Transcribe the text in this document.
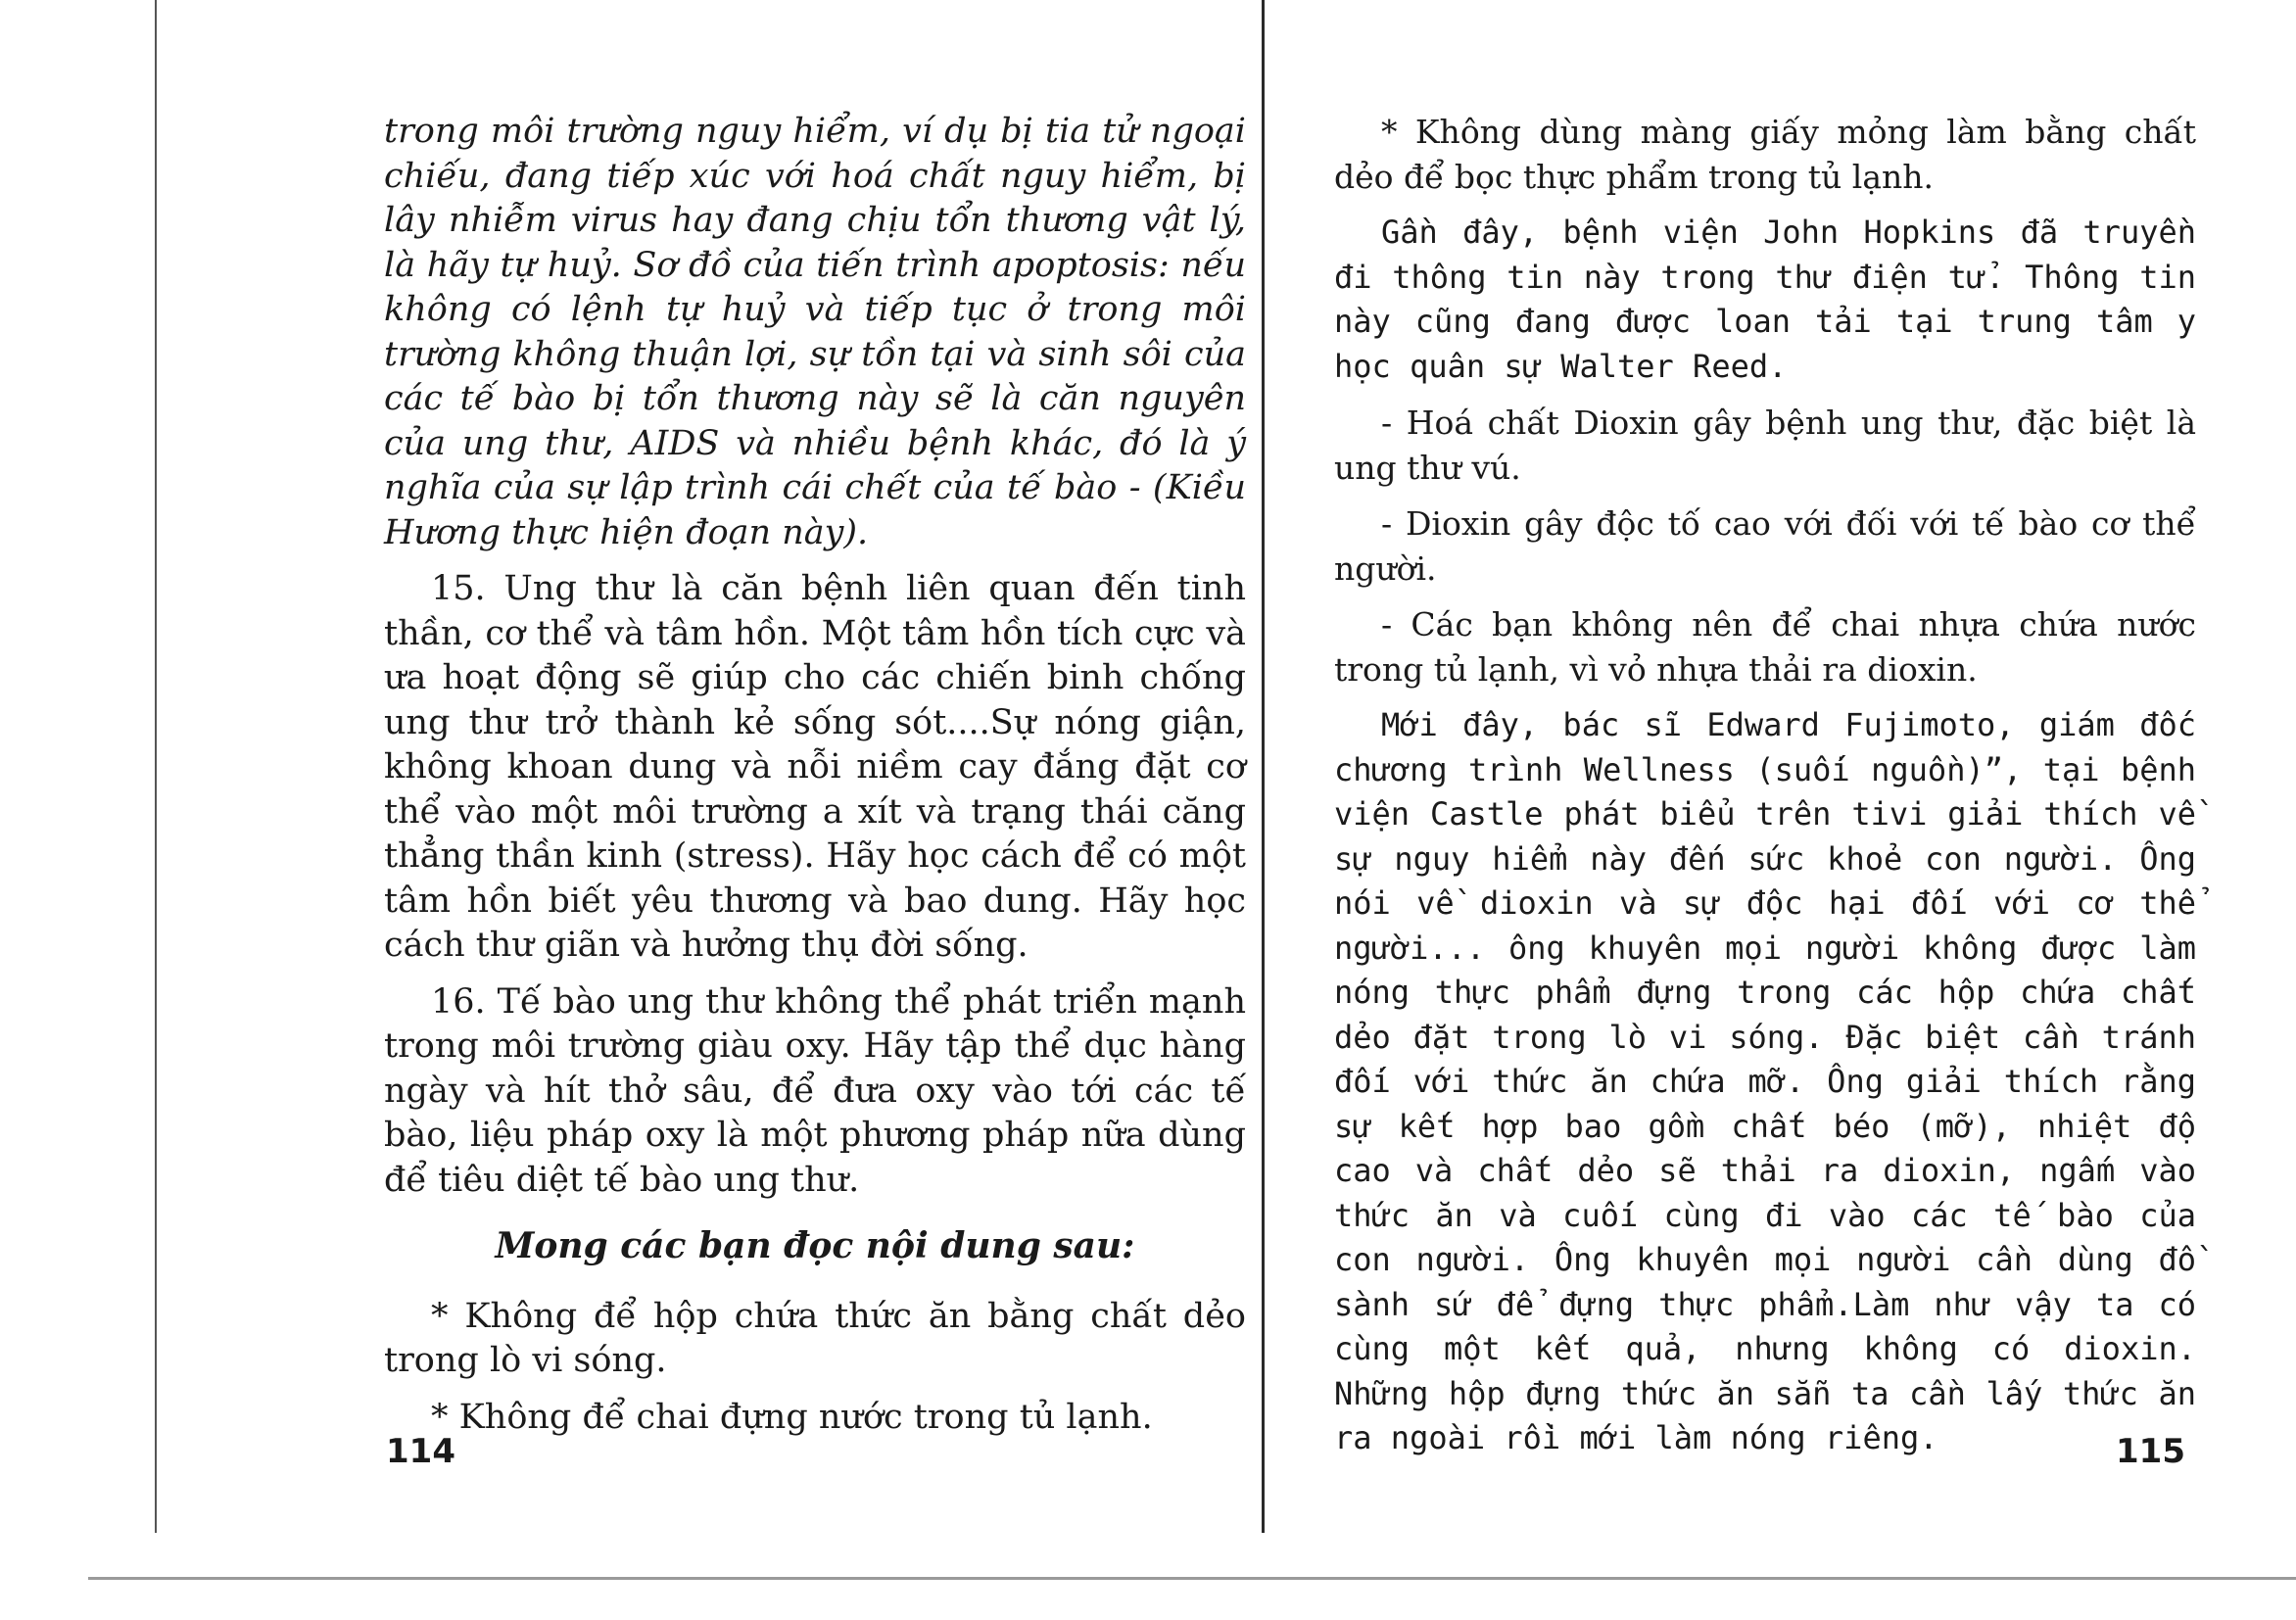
trong môi trường nguy hiểm, ví dụ bị tia tử ngoại chiếu, đang tiếp xúc với hoá chất nguy hiểm, bị lây nhiễm virus hay đang chịu tổn thương vật lý, là hãy tự huỷ. Sơ đồ của tiến trình apoptosis: nếu không có lệnh tự huỷ và tiếp tục ở trong môi trường không thuận lợi, sự tồn tại và sinh sôi của các tế bào bị tổn thương này sẽ là căn nguyên của ung thư, AIDS và nhiều bệnh khác, đó là ý nghĩa của sự lập trình cái chết của tế bào - (Kiều Hương thực hiện đoạn này).

15. Ung thư là căn bệnh liên quan đến tinh thần, cơ thể và tâm hồn. Một tâm hồn tích cực và ưa hoạt động sẽ giúp cho các chiến binh chống ung thư trở thành kẻ sống sót....Sự nóng giận, không khoan dung và nỗi niềm cay đắng đặt cơ thể vào một môi trường a xít và trạng thái căng thẳng thần kinh (stress). Hãy học cách để có một tâm hồn biết yêu thương và bao dung. Hãy học cách thư giãn và hưởng thụ đời sống.

16. Tế bào ung thư không thể phát triển mạnh trong môi trường giàu oxy. Hãy tập thể dục hàng ngày và hít thở sâu, để đưa oxy vào tới các tế bào, liệu pháp oxy là một phương pháp nữa dùng để tiêu diệt tế bào ung thư.

Mong các bạn đọc nội dung sau:

* Không để hộp chứa thức ăn bằng chất dẻo trong lò vi sóng.

* Không để chai đựng nước trong tủ lạnh.

114

* Không dùng màng giấy mỏng làm bằng chất dẻo để bọc thực phẩm trong tủ lạnh.

Gần đây, bệnh viện John Hopkins đã truyền đi thông tin này trong thư điện tử. Thông tin này cũng đang được loan tải tại trung tâm y học quân sự Walter Reed.

- Hoá chất Dioxin gây bệnh ung thư, đặc biệt là ung thư vú.

- Dioxin gây độc tố cao với đối với tế bào cơ thể người.

- Các bạn không nên để chai nhựa chứa nước trong tủ lạnh, vì vỏ nhựa thải ra dioxin.

Mới đây, bác sĩ Edward Fujimoto, giám đốc chương trình Wellness (suối nguồn)”, tại bệnh viện Castle phát biểu trên tivi giải thích về sự nguy hiểm này đến sức khoẻ con người. Ông nói về dioxin và sự độc hại đối với cơ thể người... ông khuyên mọi người không được làm nóng thực phẩm đựng trong các hộp chứa chất dẻo đặt trong lò vi sóng. Đặc biệt cần tránh đối với thức ăn chứa mỡ. Ông giải thích rằng sự kết hợp bao gồm chất béo (mỡ), nhiệt độ cao và chất dẻo sẽ thải ra dioxin, ngấm vào thức ăn và cuối cùng đi vào các tế bào của con người. Ông khuyên mọi người cần dùng đồ sành sứ để đựng thực phẩm.Làm như vậy ta có cùng một kết quả, nhưng không có dioxin. Những hộp đựng thức ăn sẵn ta cần lấy thức ăn ra ngoài rồi mới làm nóng riêng.	115
